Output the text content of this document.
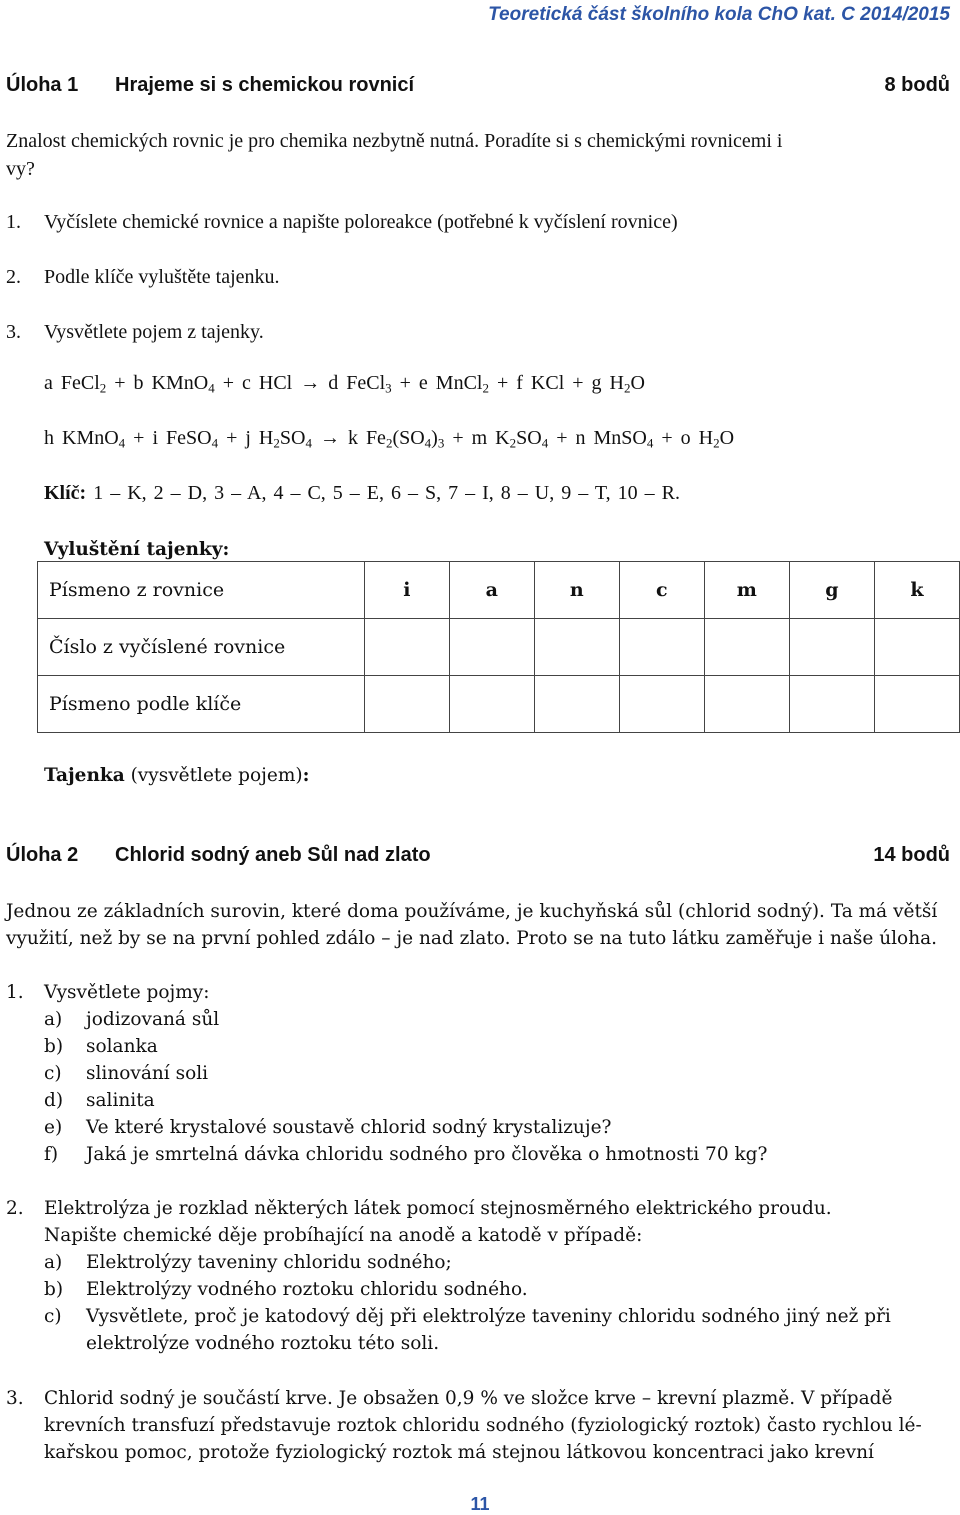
Teoretická část školního kola ChO kat. C 2014/2015
Úloha 1 Hrajeme si s chemickou rovnicí	8 bodů
Znalost chemických rovnic je pro chemika nezbytně nutná. Poradíte si s chemickými rovnicemi i
vy?
1. Vyčíslete chemické rovnice a napište poloreakce (potřebné k vyčíslení rovnice)
2. Podle klíče vyluštěte tajenku.
3. Vysvětlete pojem z tajenky.
a FeCl$_2$ + b KMnO$_4$ + c HCl → d FeCl$_3$ + e MnCl$_2$ + f KCl + g $H_2O$
h KMnO$_4$ + i FeSO$_4$ + j $H_2SO_4 \to k$ $Fe_2(SO_4)_3 + m$ $K_2SO_4 + n$ MnSO$_4$ + o $H_2O$
Klíč: 1 – K, 2 – D, 3 – A, 4 – C, 5 – E, 6 – S, 7 – I, 8 – U, 9 – T, 10 – R.
Vyluštění tajenky:
Písmeno z rovnice	i	a	n	c	m	g	k
Číslo z vyčíslené rovnice							
Písmeno podle klíče							
Tajenka (vysvětlete pojem):
Úloha 2 Chlorid sodný aneb Sůl nad zlato	14 bodů
Jednou ze základních surovin, které doma používáme, je kuchyňská sůl (chlorid sodný). Ta má větší
využití, než by se na první pohled zdálo – je nad zlato. Proto se na tuto látku zaměřuje i naše úloha.
1. Vysvětlete pojmy:
a)	jodizovaná sůl
b)	solanka
c)	slinování soli
d)	salinita
e)	Ve které krystalové soustavě chlorid sodný krystalizuje?
f)	Jaká je smrtelná dávka chloridu sodného pro člověka o hmotnosti 70 kg?
2. Elektrolýza je rozklad některých látek pomocí stejnosměrného elektrického proudu.
Napište chemické děje probíhající na anodě a katodě v případě:
a)	Elektrolýzy taveniny chloridu sodného;
b)	Elektrolýzy vodného roztoku chloridu sodného.
c)	Vysvětlete, proč je katodový děj při elektrolýze taveniny chloridu sodného jiný než při
elektrolýze vodného roztoku této soli.
3. Chlorid sodný je součástí krve. Je obsažen 0,9 % ve složce krve – krevní plazmě. V případě
krevních transfuzí představuje roztok chloridu sodného (fyziologický roztok) často rychlou lé-
kařskou pomoc, protože fyziologický roztok má stejnou látkovou koncentraci jako krevní
11
